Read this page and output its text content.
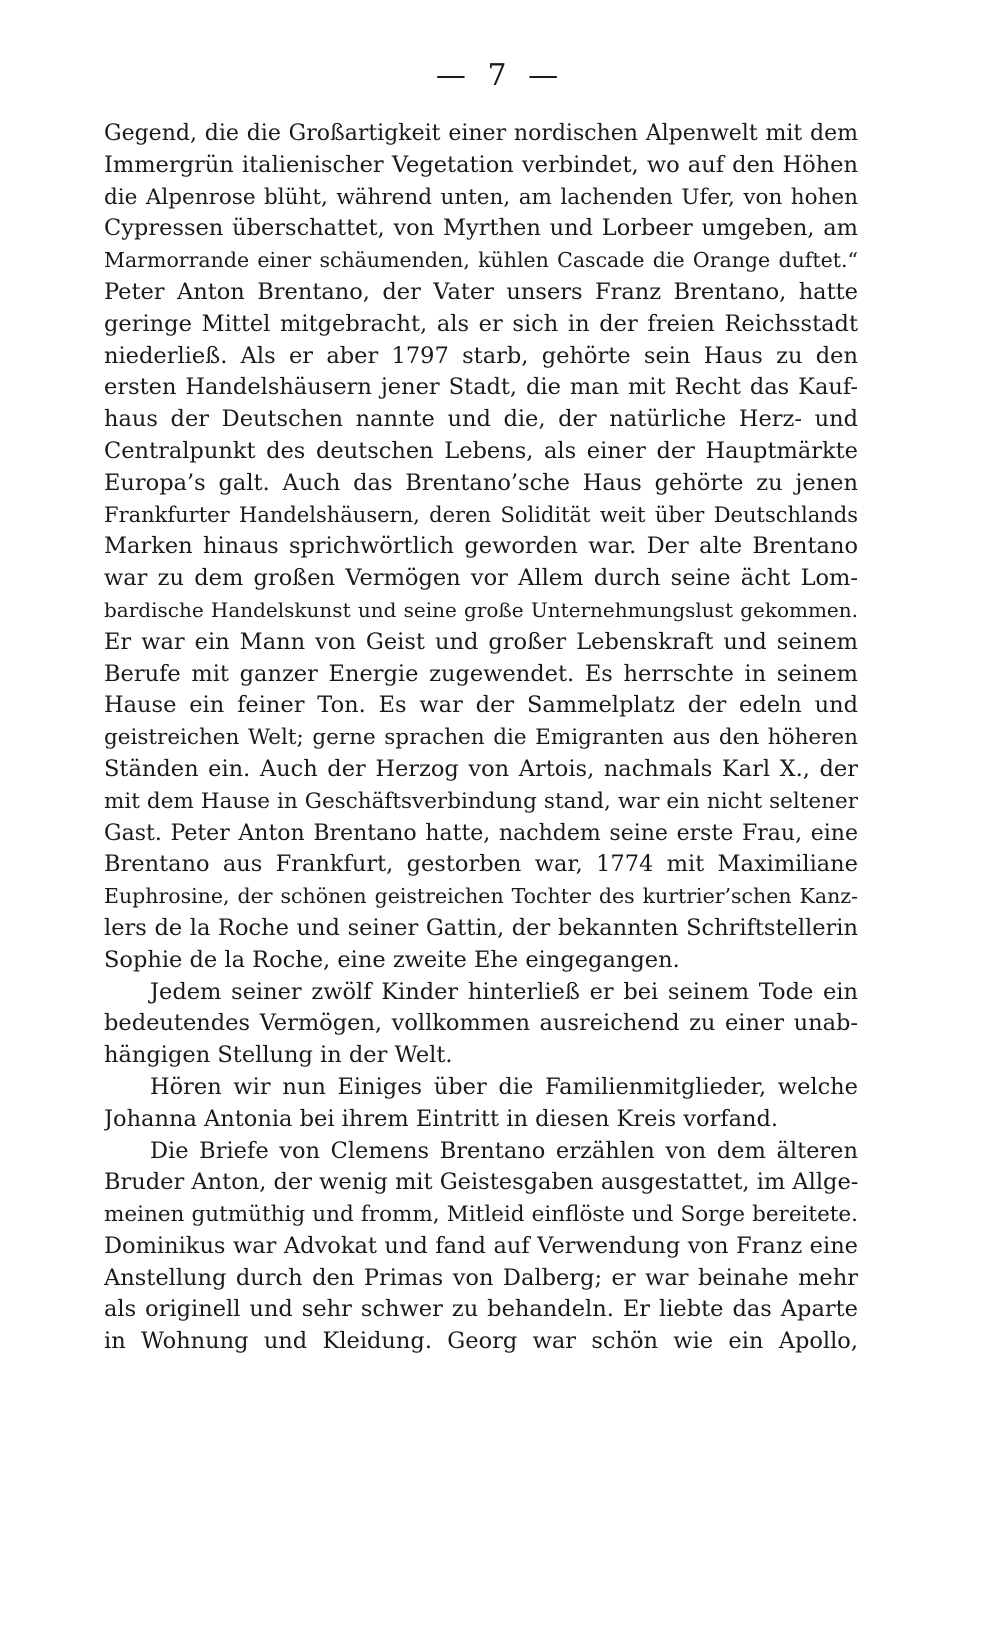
— 7 —
Gegend, die die Großartigkeit einer nordischen Alpenwelt mit dem
Immergrün italienischer Vegetation verbindet, wo auf den Höhen
die Alpenrose blüht, während unten, am lachenden Ufer, von hohen
Cypressen überschattet, von Myrthen und Lorbeer umgeben, am
Marmorrande einer schäumenden, kühlen Cascade die Orange duftet.“
Peter Anton Brentano, der Vater unsers Franz Brentano, hatte
geringe Mittel mitgebracht, als er sich in der freien Reichsstadt
niederließ. Als er aber 1797 starb, gehörte sein Haus zu den
ersten Handelshäusern jener Stadt, die man mit Recht das Kauf-
haus der Deutschen nannte und die, der natürliche Herz- und
Centralpunkt des deutschen Lebens, als einer der Hauptmärkte
Europa’s galt. Auch das Brentano’sche Haus gehörte zu jenen
Frankfurter Handelshäusern, deren Solidität weit über Deutschlands
Marken hinaus sprichwörtlich geworden war. Der alte Brentano
war zu dem großen Vermögen vor Allem durch seine ächt Lom-
bardische Handelskunst und seine große Unternehmungslust gekommen.
Er war ein Mann von Geist und großer Lebenskraft und seinem
Berufe mit ganzer Energie zugewendet. Es herrschte in seinem
Hause ein feiner Ton. Es war der Sammelplatz der edeln und
geistreichen Welt; gerne sprachen die Emigranten aus den höheren
Ständen ein. Auch der Herzog von Artois, nachmals Karl X., der
mit dem Hause in Geschäftsverbindung stand, war ein nicht seltener
Gast. Peter Anton Brentano hatte, nachdem seine erste Frau, eine
Brentano aus Frankfurt, gestorben war, 1774 mit Maximiliane
Euphrosine, der schönen geistreichen Tochter des kurtrier’schen Kanz-
lers de la Roche und seiner Gattin, der bekannten Schriftstellerin
Sophie de la Roche, eine zweite Ehe eingegangen.
Jedem seiner zwölf Kinder hinterließ er bei seinem Tode ein
bedeutendes Vermögen, vollkommen ausreichend zu einer unab-
hängigen Stellung in der Welt.
Hören wir nun Einiges über die Familienmitglieder, welche
Johanna Antonia bei ihrem Eintritt in diesen Kreis vorfand.
Die Briefe von Clemens Brentano erzählen von dem älteren
Bruder Anton, der wenig mit Geistesgaben ausgestattet, im Allge-
meinen gutmüthig und fromm, Mitleid einflöste und Sorge bereitete.
Dominikus war Advokat und fand auf Verwendung von Franz eine
Anstellung durch den Primas von Dalberg; er war beinahe mehr
als originell und sehr schwer zu behandeln. Er liebte das Aparte
in Wohnung und Kleidung. Georg war schön wie ein Apollo,
